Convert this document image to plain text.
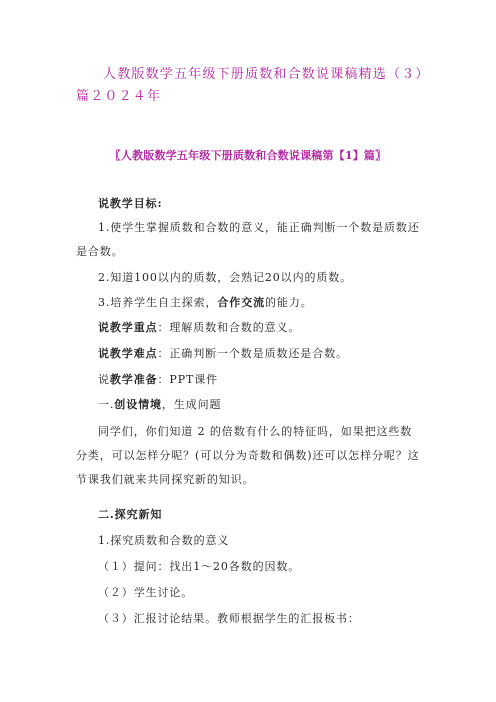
人教版数学五年级下册质数和合数说课稿精选（３）篇２０２４年
〖人教版数学五年级下册质数和合数说课稿第【1】篇〗
说教学目标:
1.使学生掌握质数和合数的意义，能正确判断一个数是质数还是合数。
2.知道100以内的质数，会熟记20以内的质数。
3.培养学生自主探索，合作交流的能力。
说教学重点：理解质数和合数的意义。
说教学难点：正确判断一个数是质数还是合数。
说教学准备：PPT课件
一.创设情境，生成问题
同学们，你们知道 2 的倍数有什么的特征吗，如果把这些数分类，可以怎样分呢？(可以分为奇数和偶数)还可以怎样分呢？这节课我们就来共同探究新的知识。
二.探究新知
1.探究质数和合数的意义
（１）提问：找出1～20各数的因数。
（２）学生讨论。
（３）汇报讨论结果。教师根据学生的汇报板书：
